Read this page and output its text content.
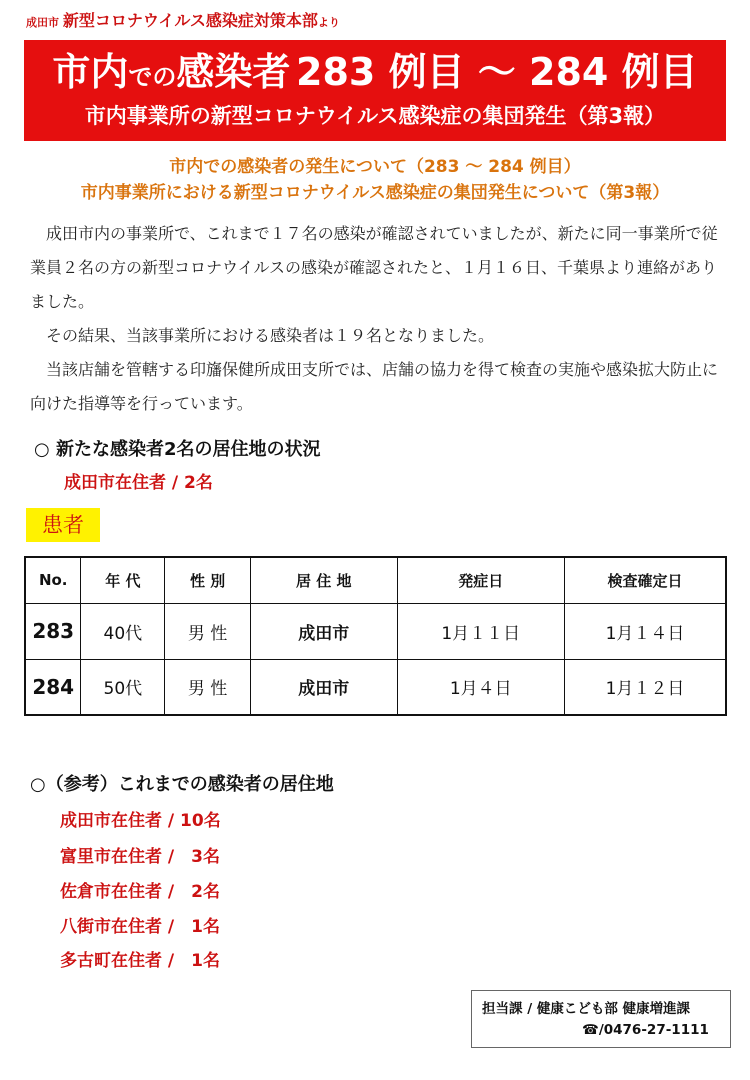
成田市 新型コロナウイルス感染症対策本部より
市内での感染者 283 例目 ～ 284 例目
市内事業所の新型コロナウイルス感染症の集団発生（第3報）
市内での感染者の発生について（283 ～ 284 例目）
市内事業所における新型コロナウイルス感染症の集団発生について（第3報）

成田市内の事業所で、これまで１７名の感染が確認されていましたが、新たに同一事業所で従業員２名の方の新型コロナウイルスの感染が確認されたと、１月１６日、千葉県より連絡がありました。

その結果、当該事業所における感染者は１９名となりました。

当該店舗を管轄する印旛保健所成田支所では、店舗の協力を得て検査の実施や感染拡大防止に向けた指導等を行っています。

○ 新たな感染者2名の居住地の状況
成田市在住者 / 2名
患者
No.	年 代	性 別	居 住 地	発症日	検査確定日
283	40代	男 性	成田市	1月１１日	1月１４日
284	50代	男 性	成田市	1月４日	1月１２日
○（参考）これまでの感染者の居住地
成田市在住者 / 10名
富里市在住者 /　3名
佐倉市在住者 /　2名
八街市在住者 /　1名
多古町在住者 /　1名
担当課 / 健康こども部 健康増進課
☎/0476-27-1111
